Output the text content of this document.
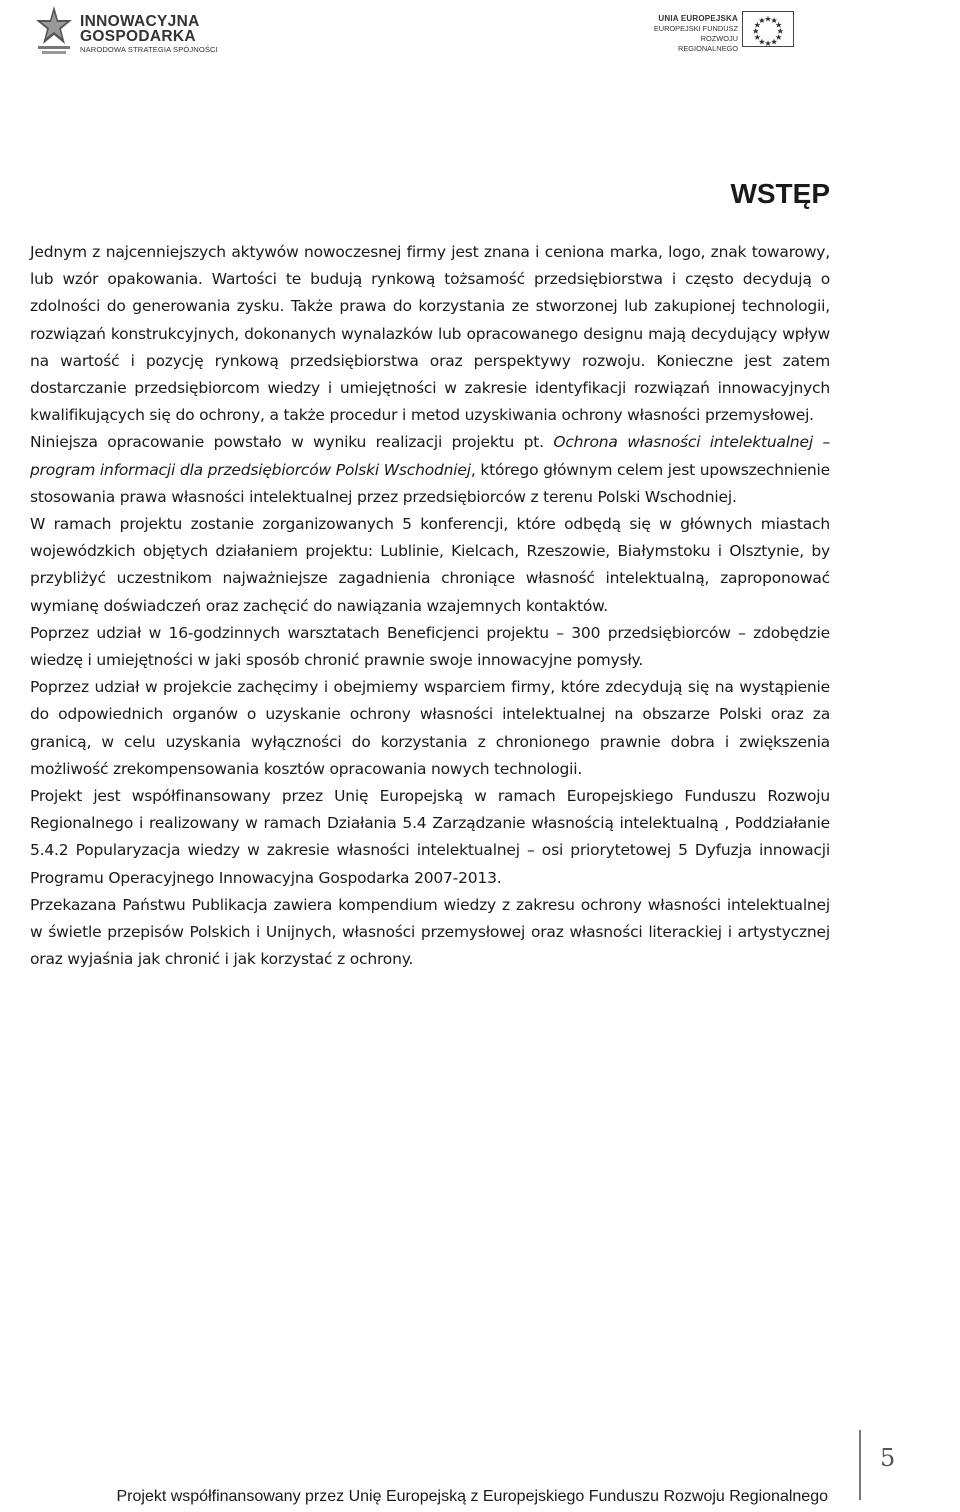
INNOWACYJNA
GOSPODARKA
NARODOWA STRATEGIA SPÓJNOŚCI
UNIA EUROPEJSKA
EUROPEJSKI FUNDUSZ
ROZWOJU REGIONALNEGO
WSTĘP

Jednym z najcenniejszych aktywów nowoczesnej firmy jest znana i ceniona marka, logo, znak towarowy, lub wzór opakowania. Wartości te budują rynkową tożsamość przedsiębiorstwa i często decydują o zdolności do generowania zysku. Także prawa do korzystania ze stworzonej lub zakupionej technologii, rozwiązań konstrukcyjnych, dokonanych wynalazków lub opracowanego designu mają decydujący wpływ na wartość i pozycję rynkową przedsiębiorstwa oraz perspektywy rozwoju. Konieczne jest zatem dostarczanie przedsiębiorcom wiedzy i umiejętności w zakresie identyfikacji rozwiązań innowacyjnych kwalifikujących się do ochrony, a także procedur i metod uzyskiwania ochrony własności przemysłowej.

Niniejsza opracowanie powstało w wyniku realizacji projektu pt. Ochrona własności intelektualnej – program informacji dla przedsiębiorców Polski Wschodniej, którego głównym celem jest upowszechnienie stosowania prawa własności intelektualnej przez przedsiębiorców z terenu Polski Wschodniej.

W ramach projektu zostanie zorganizowanych 5 konferencji, które odbędą się w głównych miastach wojewódzkich objętych działaniem projektu: Lublinie, Kielcach, Rzeszowie, Białymstoku i Olsztynie, by przybliżyć uczestnikom najważniejsze zagadnienia chroniące własność intelektualną, zaproponować wymianę doświadczeń oraz zachęcić do nawiązania wzajemnych kontaktów.

Poprzez udział w 16-godzinnych warsztatach Beneficjenci projektu – 300 przedsiębiorców – zdobędzie wiedzę i umiejętności w jaki sposób chronić prawnie swoje innowacyjne pomysły.

Poprzez udział w projekcie zachęcimy i obejmiemy wsparciem firmy, które zdecydują się na wystąpienie do odpowiednich organów o uzyskanie ochrony własności intelektualnej na obszarze Polski oraz za granicą, w celu uzyskania wyłączności do korzystania z chronionego prawnie dobra i zwiększenia możliwość zrekompensowania kosztów opracowania nowych technologii.

Projekt jest współfinansowany przez Unię Europejską w ramach Europejskiego Funduszu Rozwoju Regionalnego i realizowany w ramach Działania 5.4 Zarządzanie własnością intelektualną , Poddziałanie 5.4.2 Popularyzacja wiedzy w zakresie własności intelektualnej – osi priorytetowej 5 Dyfuzja innowacji Programu Operacyjnego Innowacyjna Gospodarka 2007-2013.

Przekazana Państwu Publikacja zawiera kompendium wiedzy z zakresu ochrony własności intelektualnej w świetle przepisów Polskich i Unijnych, własności przemysłowej oraz własności literackiej i artystycznej oraz wyjaśnia jak chronić i jak korzystać z ochrony.

5
Projekt współfinansowany przez Unię Europejską z Europejskiego Funduszu Rozwoju Regionalnego
